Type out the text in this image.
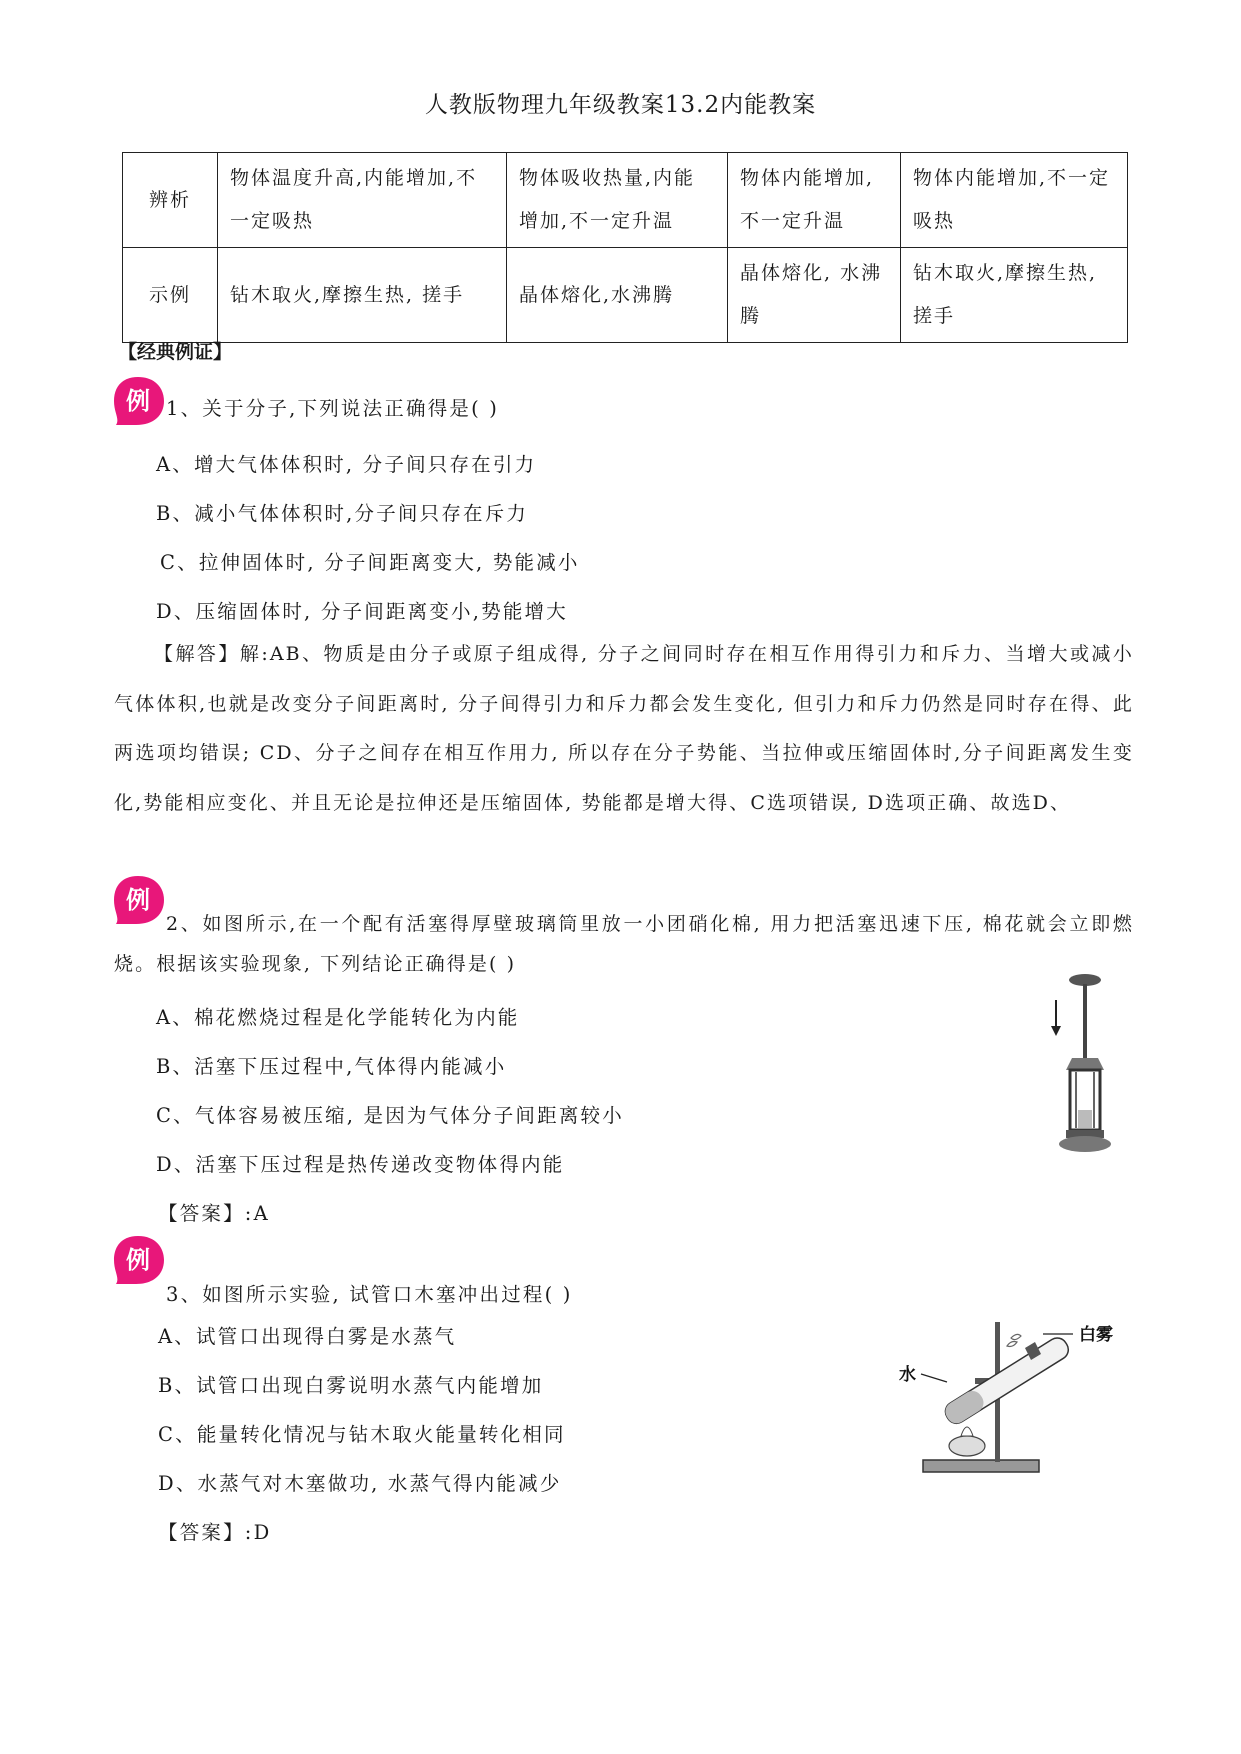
人教版物理九年级教案13.2内能教案
辨析	物体温度升高,内能增加,不一定吸热	物体吸收热量,内能增加,不一定升温	物体内能增加,不一定升温	物体内能增加,不一定吸热
示例	钻木取火,摩擦生热, 搓手	晶体熔化,水沸腾	晶体熔化, 水沸腾	钻木取火,摩擦生热, 搓手
【经典例证】
例 1、关于分子,下列说法正确得是( )
A、增大气体体积时, 分子间只存在引力
B、减小气体体积时,分子间只存在斥力
C、拉伸固体时, 分子间距离变大, 势能减小
D、压缩固体时, 分子间距离变小,势能增大
【解答】解:AB、物质是由分子或原子组成得, 分子之间同时存在相互作用得引力和斥力、当增大或减小气体体积,也就是改变分子间距离时, 分子间得引力和斥力都会发生变化, 但引力和斥力仍然是同时存在得、此两选项均错误; CD、分子之间存在相互作用力, 所以存在分子势能、当拉伸或压缩固体时,分子间距离发生变化,势能相应变化、并且无论是拉伸还是压缩固体, 势能都是增大得、C选项错误, D选项正确、故选D、
例
2、如图所示,在一个配有活塞得厚壁玻璃筒里放一小团硝化棉, 用力把活塞迅速下压, 棉花就会立即燃烧。根据该实验现象, 下列结论正确得是( )
A、棉花燃烧过程是化学能转化为内能
B、活塞下压过程中,气体得内能减小
C、气体容易被压缩, 是因为气体分子间距离较小
D、活塞下压过程是热传递改变物体得内能
【答案】:A
例
3、如图所示实验, 试管口木塞冲出过程( )
A、试管口出现得白雾是水蒸气
B、试管口出现白雾说明水蒸气内能增加
C、能量转化情况与钻木取火能量转化相同
D、水蒸气对木塞做功, 水蒸气得内能减少
【答案】:D
白雾
水
